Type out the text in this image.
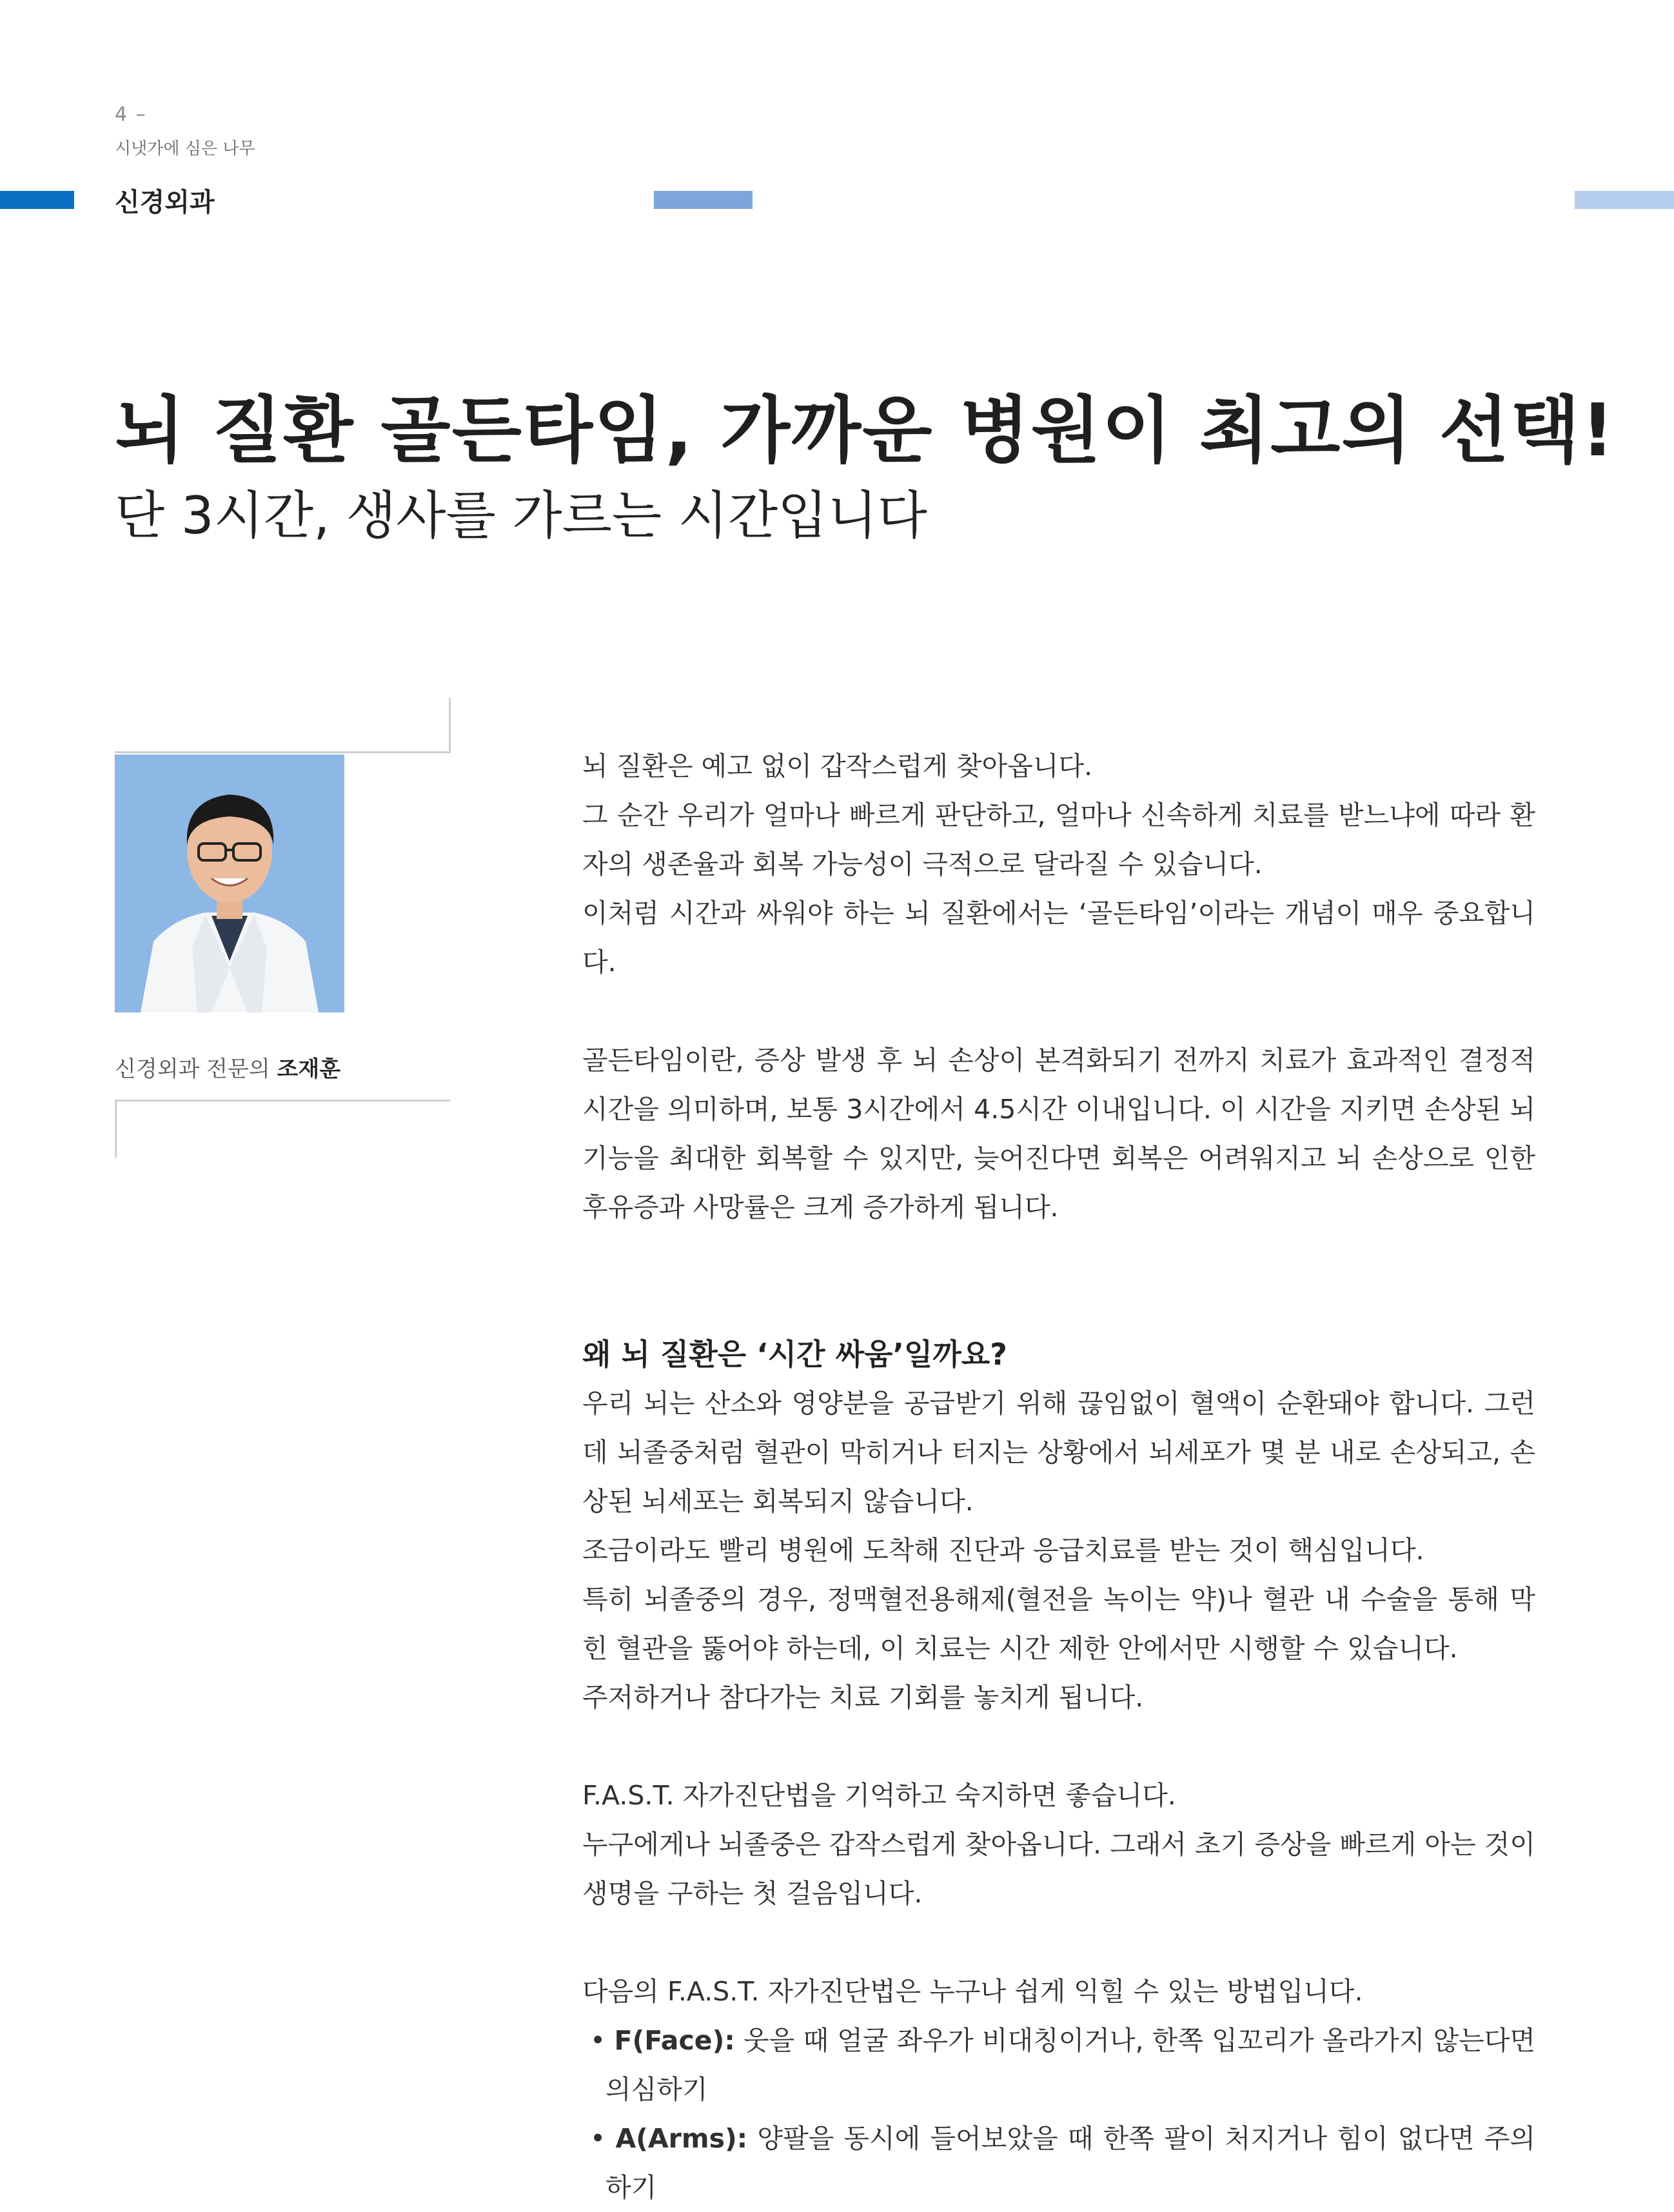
4 –
시냇가에 심은 나무
신경외과
뇌 질환 골든타임, 가까운 병원이 최고의 선택!
단 3시간, 생사를 가르는 시간입니다
신경외과 전문의 조재훈

뇌 질환은 예고 없이 갑작스럽게 찾아옵니다.

그 순간 우리가 얼마나 빠르게 판단하고, 얼마나 신속하게 치료를 받느냐에 따라 환자의 생존율과 회복 가능성이 극적으로 달라질 수 있습니다.

이처럼 시간과 싸워야 하는 뇌 질환에서는 ‘골든타임’이라는 개념이 매우 중요합니다.

골든타임이란, 증상 발생 후 뇌 손상이 본격화되기 전까지 치료가 효과적인 결정적 시간을 의미하며, 보통 3시간에서 4.5시간 이내입니다. 이 시간을 지키면 손상된 뇌 기능을 최대한 회복할 수 있지만, 늦어진다면 회복은 어려워지고 뇌 손상으로 인한 후유증과 사망률은 크게 증가하게 됩니다.

왜 뇌 질환은 ‘시간 싸움’일까요?

우리 뇌는 산소와 영양분을 공급받기 위해 끊임없이 혈액이 순환돼야 합니다. 그런데 뇌졸중처럼 혈관이 막히거나 터지는 상황에서 뇌세포가 몇 분 내로 손상되고, 손상된 뇌세포는 회복되지 않습니다.

조금이라도 빨리 병원에 도착해 진단과 응급치료를 받는 것이 핵심입니다.

특히 뇌졸중의 경우, 정맥혈전용해제(혈전을 녹이는 약)나 혈관 내 수술을 통해 막힌 혈관을 뚫어야 하는데, 이 치료는 시간 제한 안에서만 시행할 수 있습니다.

주저하거나 참다가는 치료 기회를 놓치게 됩니다.

F.A.S.T. 자가진단법을 기억하고 숙지하면 좋습니다.

누구에게나 뇌졸중은 갑작스럽게 찾아옵니다. 그래서 초기 증상을 빠르게 아는 것이 생명을 구하는 첫 걸음입니다.

다음의 F.A.S.T. 자가진단법은 누구나 쉽게 익힐 수 있는 방법입니다.

• F(Face): 웃을 때 얼굴 좌우가 비대칭이거나, 한쪽 입꼬리가 올라가지 않는다면 의심하기

• A(Arms): 양팔을 동시에 들어보았을 때 한쪽 팔이 처지거나 힘이 없다면 주의하기
